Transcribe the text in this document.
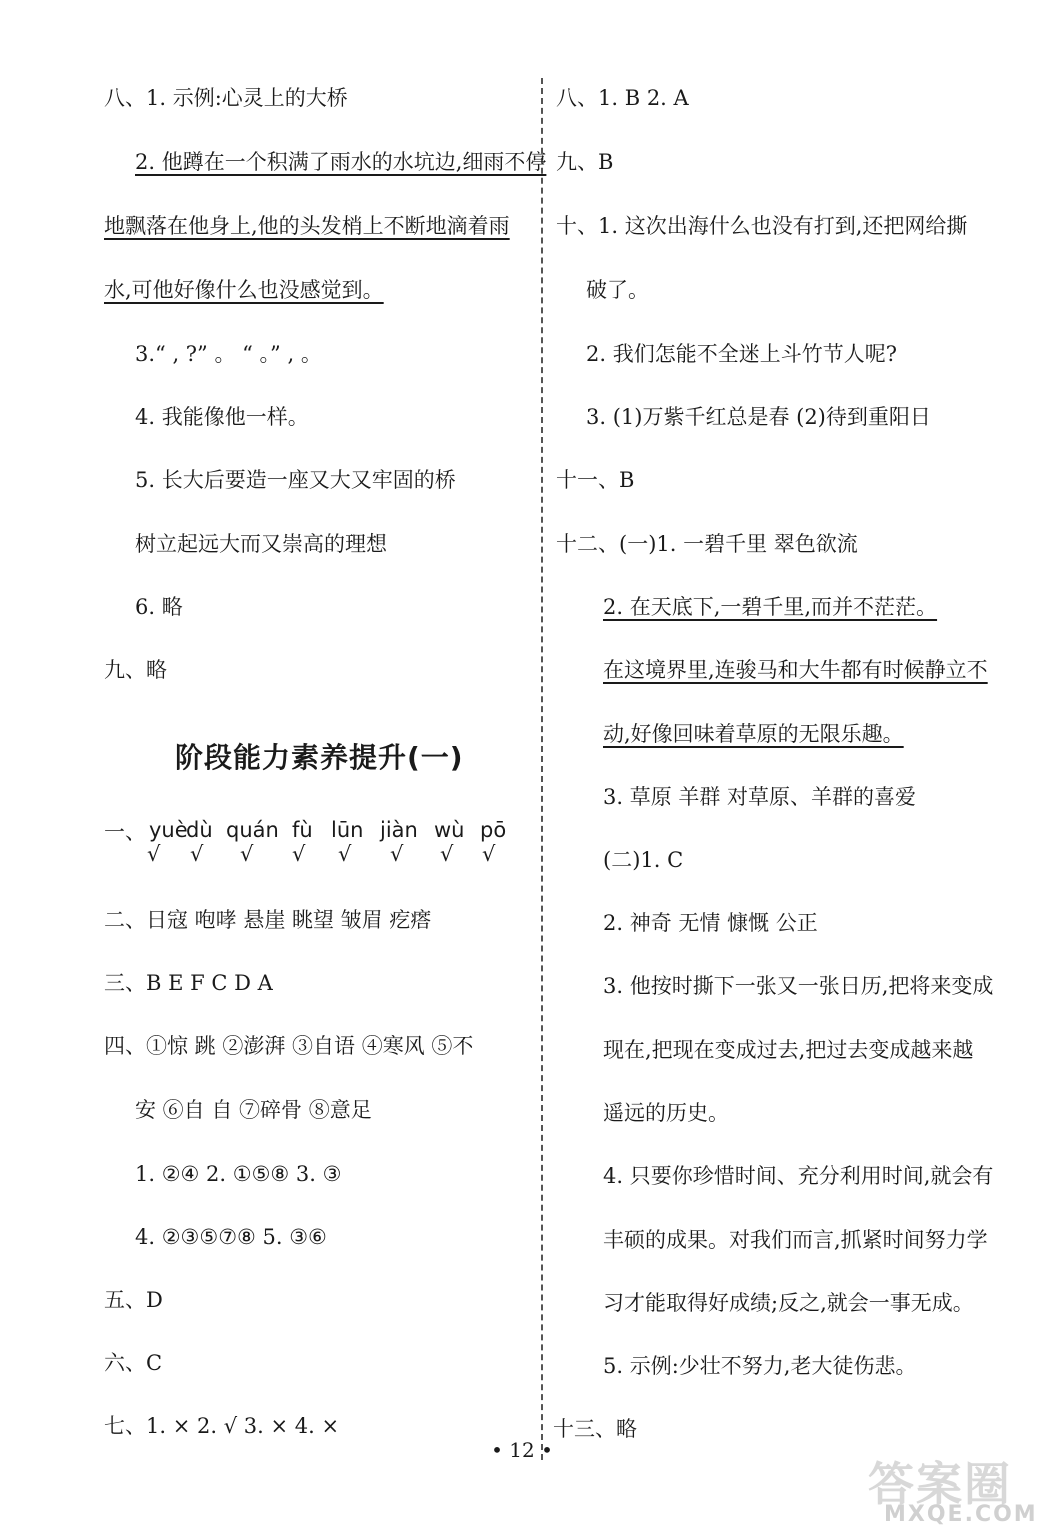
八、1. 示例:心灵上的大桥
2. 他蹲在一个积满了雨水的水坑边,细雨不停
地飘落在他身上,他的头发梢上不断地滴着雨
水,可他好像什么也没感觉到。
3.“ , ?” 。 “ 。” , 。
4. 我能像他一样。
5. 长大后要造一座又大又牢固的桥
树立起远大而又崇高的理想
6. 略
九、略
阶段能力素养提升(一)
一、 yuè
dù quán fù lūn jiàn wù pō
√ √ √ √ √ √ √ √
二、日寇 咆哮 悬崖 眺望 皱眉 疙瘩
三、B E F C D A
四、①惊 跳 ②澎湃 ③自语 ④寒风 ⑤不
安 ⑥自 自 ⑦碎骨 ⑧意足
1. ②④ 2. ①⑤⑧ 3. ③
4. ②③⑤⑦⑧ 5. ③⑥
五、D
六、C
七、1. × 2. √ 3. × 4. ×
八、1. B 2. A
九、B
十、1. 这次出海什么也没有打到,还把网给撕
破了。
2. 我们怎能不全迷上斗竹节人呢?
3. (1)万紫千红总是春 (2)待到重阳日
十一、B
十二、(一)1. 一碧千里 翠色欲流
2. 在天底下,一碧千里,而并不茫茫。
在这境界里,连骏马和大牛都有时候静立不
动,好像回味着草原的无限乐趣。
3. 草原 羊群 对草原、羊群的喜爱
(二)1. C
2. 神奇 无情 慷慨 公正
3. 他按时撕下一张又一张日历,把将来变成
现在,把现在变成过去,把过去变成越来越
遥远的历史。
4. 只要你珍惜时间、充分利用时间,就会有
丰硕的成果。对我们而言,抓紧时间努力学
习才能取得好成绩;反之,就会一事无成。
5. 示例:少壮不努力,老大徒伤悲。
十三、略
• 12 •
答案圈
MXQE.COM
